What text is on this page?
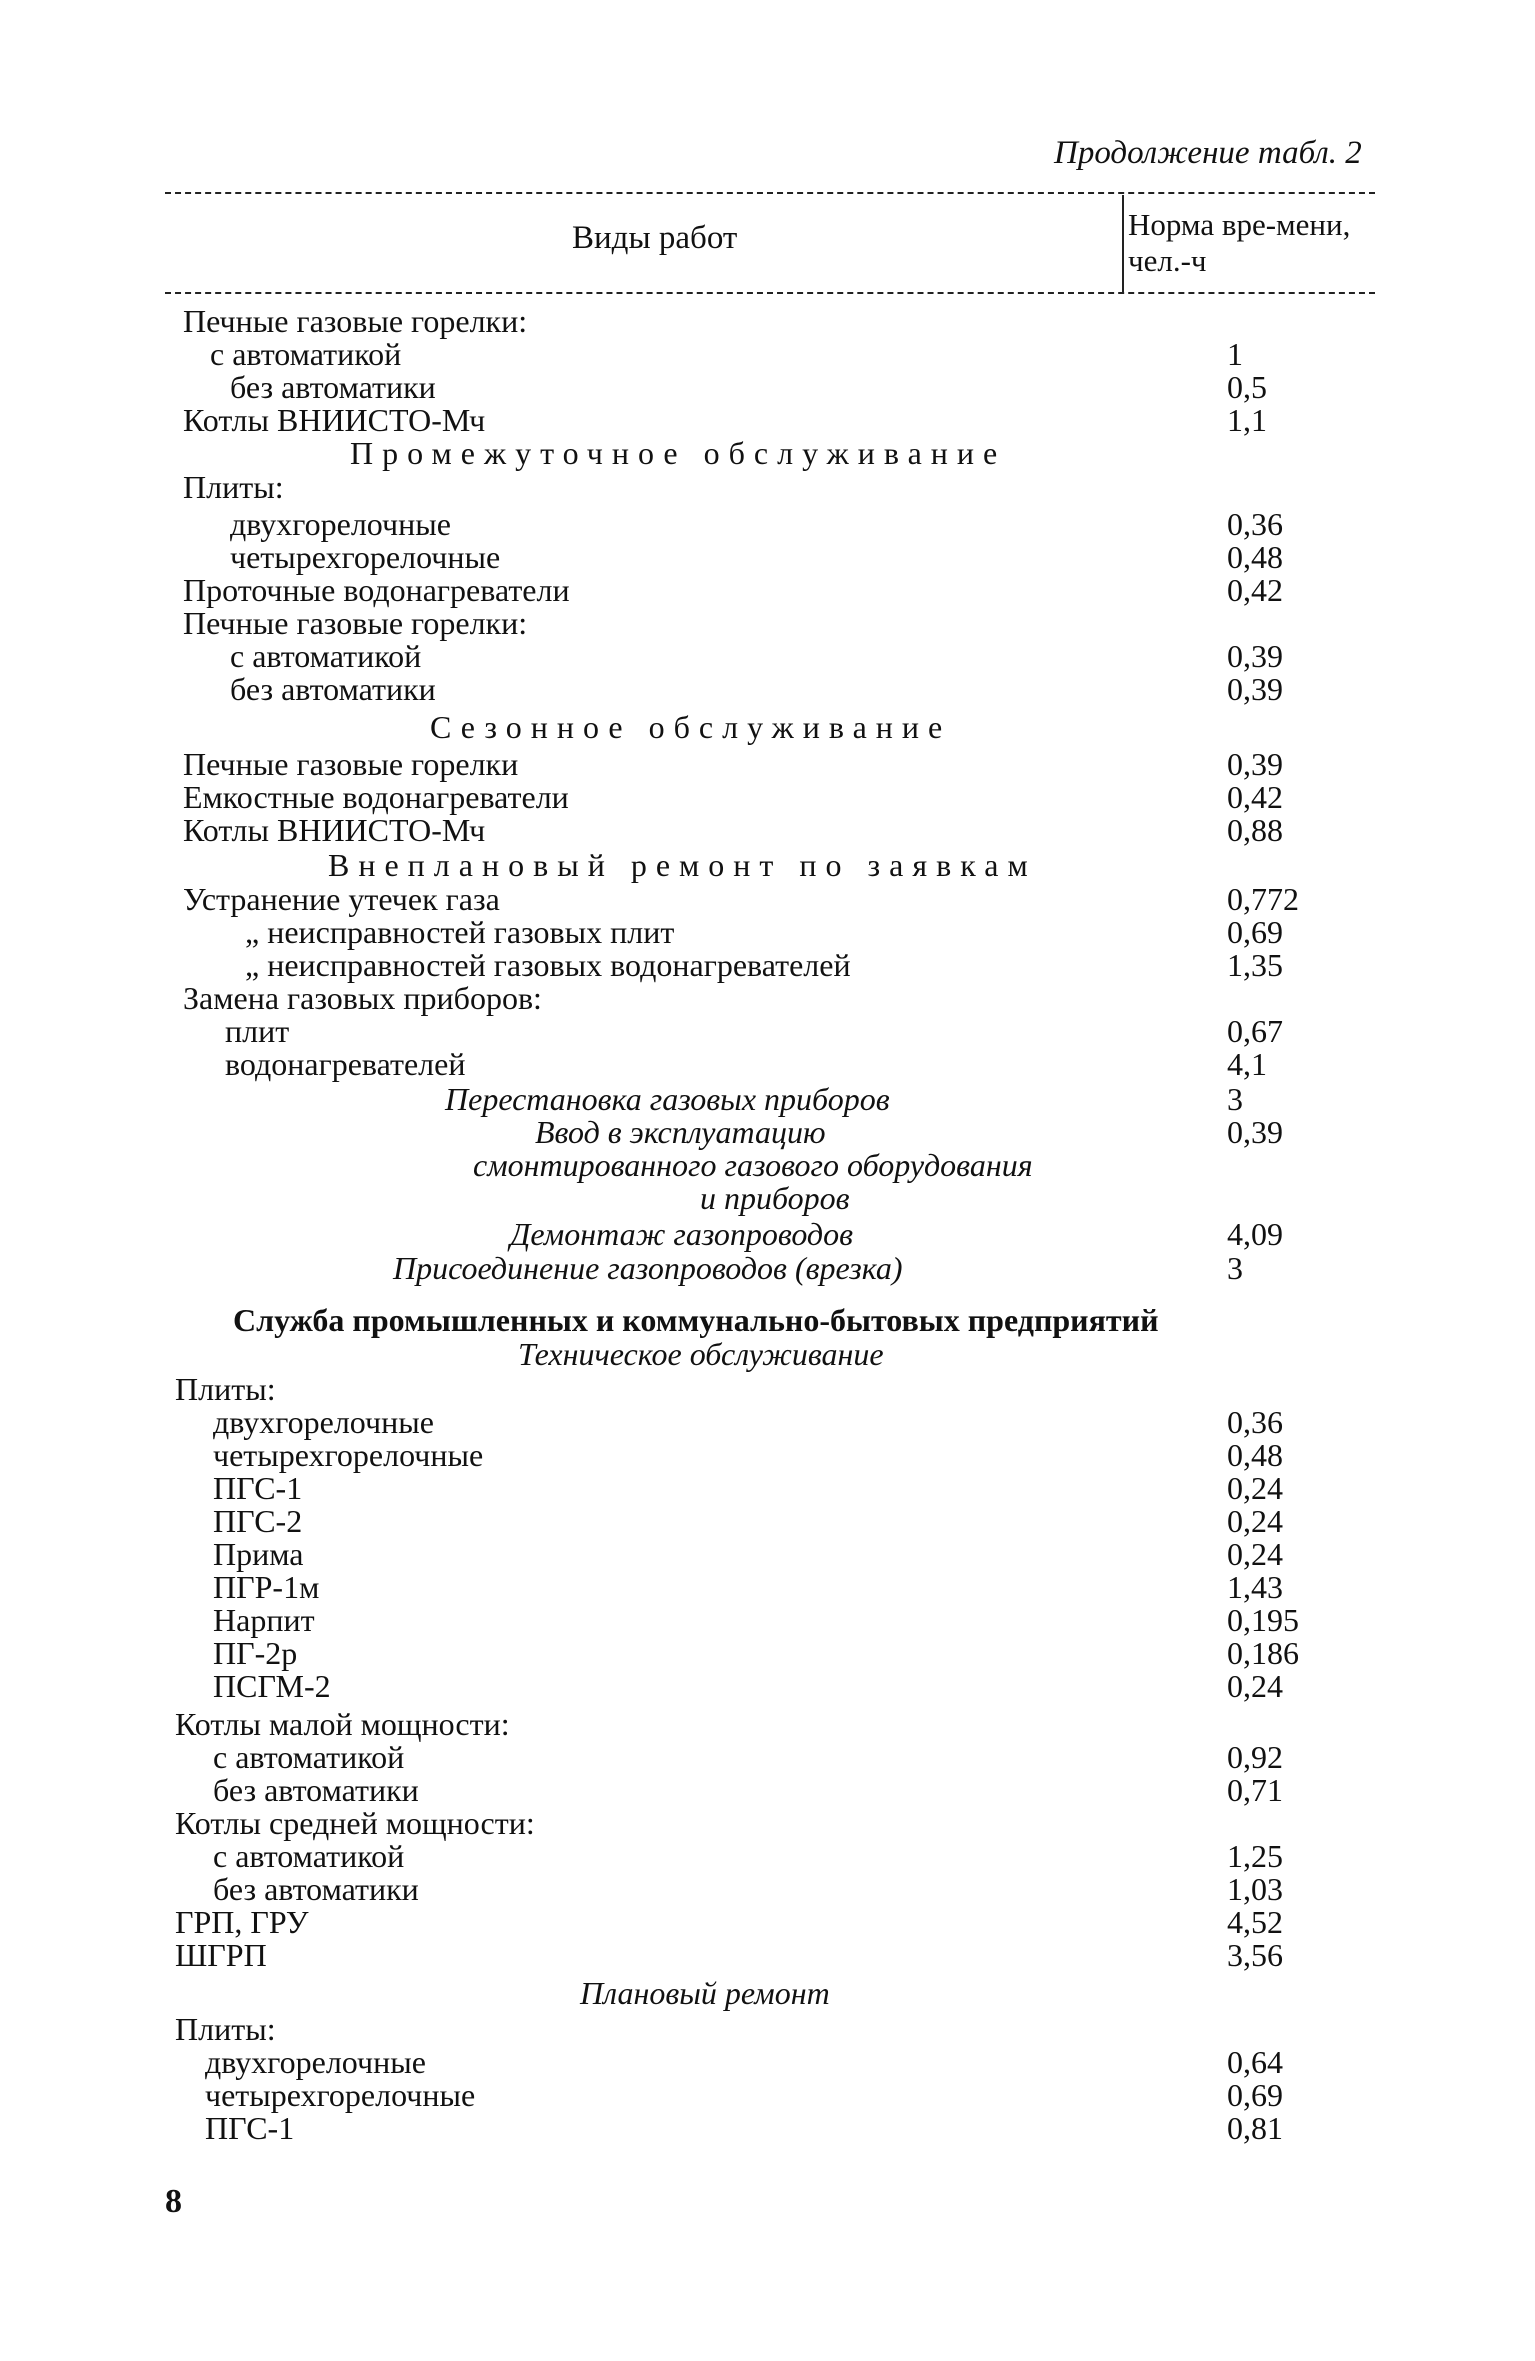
Продолжение табл. 2
Виды работ	Норма вре-мени, чел.-ч
Печные газовые горелки:
с автоматикой	1
без автоматики	0,5
Котлы ВНИИСТО-Мч	1,1
Промежуточное обслуживание
Плиты:
двухгорелочные	0,36
четырехгорелочные	0,48
Проточные водонагреватели	0,42
Печные газовые горелки:
с автоматикой	0,39
без автоматики	0,39
Сезонное обслуживание
Печные газовые горелки	0,39
Емкостные водонагреватели	0,42
Котлы ВНИИСТО-Мч	0,88
Внеплановый ремонт по заявкам
Устранение утечек газа	0,772
„ неисправностей газовых плит	0,69
„ неисправностей газовых водонагревателей	1,35
Замена газовых приборов:
плит	0,67
водонагревателей	4,1
Перестановка газовых приборов	3
Ввод в эксплуатацию	0,39
смонтированного газового оборудования
и приборов
Демонтаж газопроводов	4,09
Присоединение газопроводов (врезка)	3
Служба промышленных и коммунально-бытовых предприятий
Техническое обслуживание
Плиты:
двухгорелочные	0,36
четырехгорелочные	0,48
ПГС-1	0,24
ПГС-2	0,24
Прима	0,24
ПГР-1м	1,43
Нарпит	0,195
ПГ-2р	0,186
ПСГМ-2	0,24
Котлы малой мощности:
с автоматикой	0,92
без автоматики	0,71
Котлы средней мощности:
с автоматикой	1,25
без автоматики	1,03
ГРП, ГРУ	4,52
ШГРП	3,56
Плановый ремонт
Плиты:
двухгорелочные	0,64
четырехгорелочные	0,69
ПГС-1	0,81
8
